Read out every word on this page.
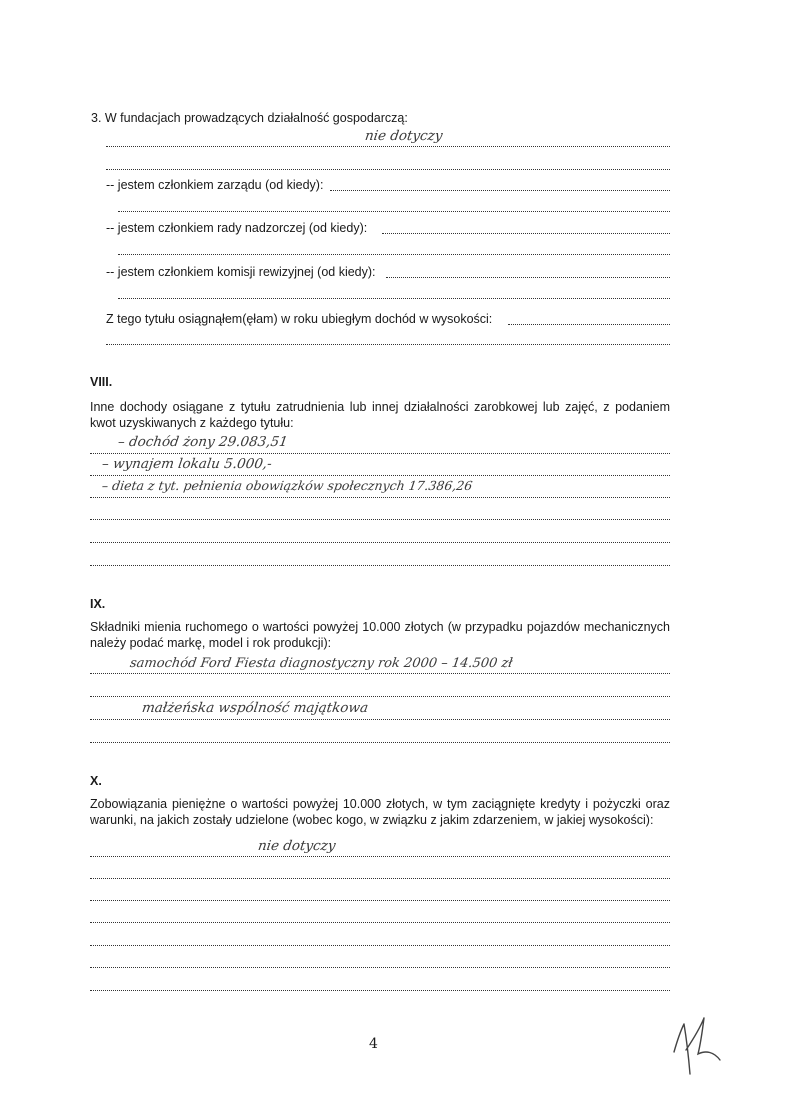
3. W fundacjach prowadzących działalność gospodarczą:
nie dotyczy
-- jestem członkiem zarządu (od kiedy):
-- jestem członkiem rady nadzorczej (od kiedy):
-- jestem członkiem komisji rewizyjnej (od kiedy):
Z tego tytułu osiągnąłem(ęłam) w roku ubiegłym dochód w wysokości:
VIII.
Inne dochody osiągane z tytułu zatrudnienia lub innej działalności zarobkowej lub zajęć, z podaniem kwot uzyskiwanych z każdego tytułu:
– dochód żony 29.083,51
– wynajem lokalu 5.000,-
– dieta z tyt. pełnienia obowiązków społecznych 17.386,26
IX.
Składniki mienia ruchomego o wartości powyżej 10.000 złotych (w przypadku pojazdów mechanicznych należy podać markę, model i rok produkcji):
samochód Ford Fiesta diagnostyczny rok 2000 – 14.500 zł
małżeńska wspólność majątkowa
X.
Zobowiązania pieniężne o wartości powyżej 10.000 złotych, w tym zaciągnięte kredyty i pożyczki oraz warunki, na jakich zostały udzielone (wobec kogo, w związku z jakim zdarzeniem, w jakiej wysokości):
nie dotyczy
4
